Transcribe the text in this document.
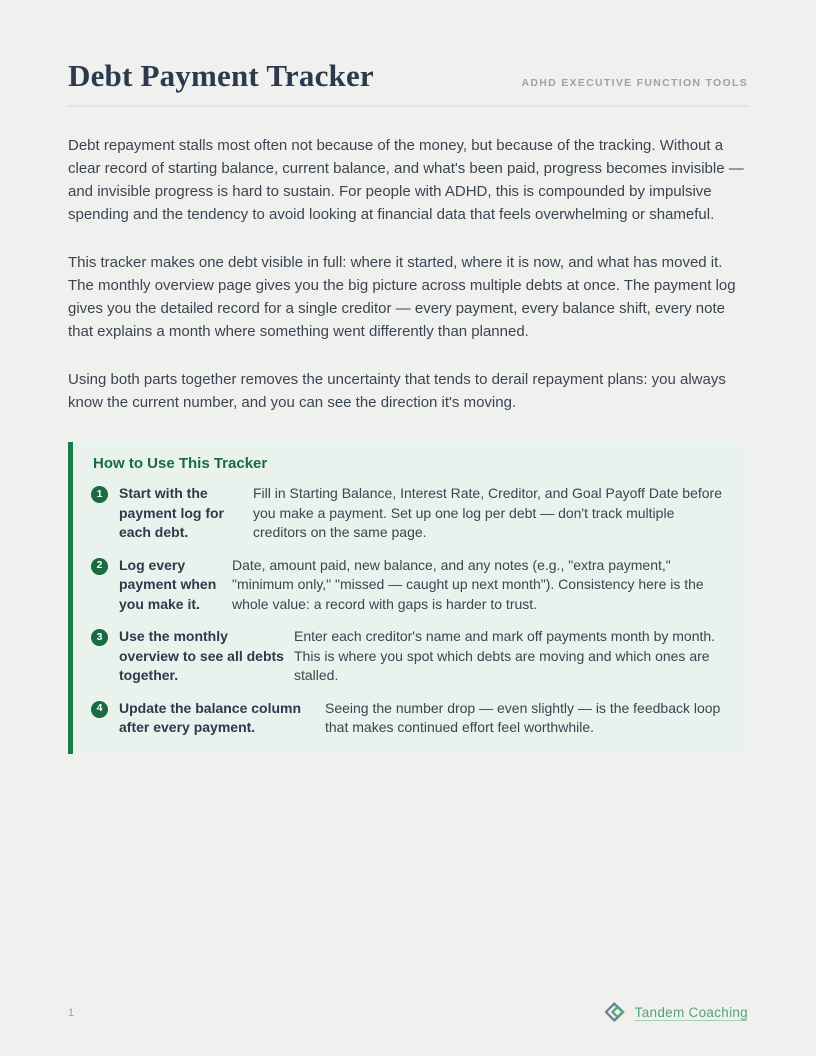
Debt Payment Tracker	ADHD EXECUTIVE FUNCTION TOOLS

Debt repayment stalls most often not because of the money, but because of the tracking. Without a clear record of starting balance, current balance, and what's been paid, progress becomes invisible — and invisible progress is hard to sustain. For people with ADHD, this is compounded by impulsive spending and the tendency to avoid looking at financial data that feels overwhelming or shameful.

This tracker makes one debt visible in full: where it started, where it is now, and what has moved it. The monthly overview page gives you the big picture across multiple debts at once. The payment log gives you the detailed record for a single creditor — every payment, every balance shift, every note that explains a month where something went differently than planned.

Using both parts together removes the uncertainty that tends to derail repayment plans: you always know the current number, and you can see the direction it's moving.

How to Use This Tracker
1	Start with the payment log for each debt.
Fill in Starting Balance, Interest Rate, Creditor, and Goal Payoff Date before you make a payment. Set up one log per debt — don't track multiple creditors on the same page.
2	Log every payment when you make it.
Date, amount paid, new balance, and any notes (e.g., "extra payment," "minimum only," "missed — caught up next month"). Consistency here is the whole value: a record with gaps is harder to trust.
3	Use the monthly overview to see all debts together.
Enter each creditor's name and mark off payments month by month. This is where you spot which debts are moving and which ones are stalled.
4	Update the balance column after every payment.
Seeing the number drop — even slightly — is the feedback loop that makes continued effort feel worthwhile.
1	Tandem Coaching
